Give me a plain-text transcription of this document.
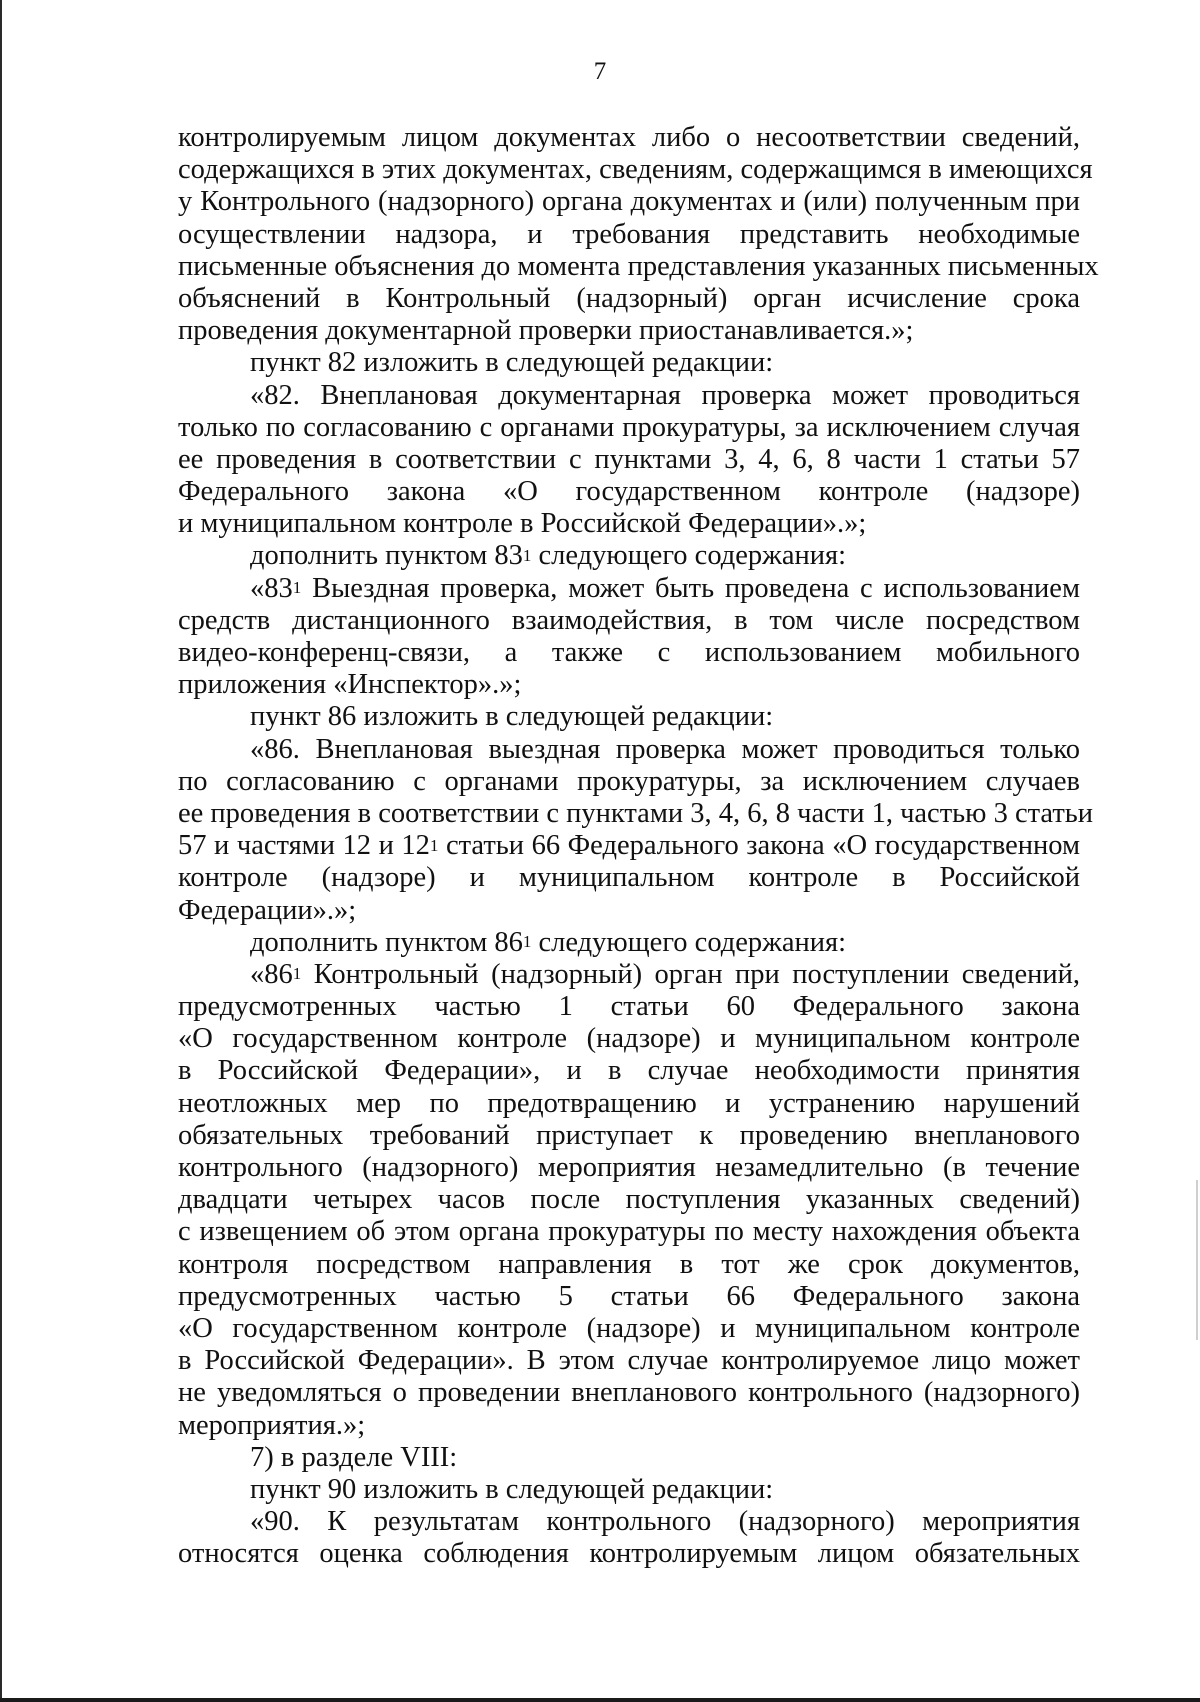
7
контролируемым лицом документах либо о несоответствии сведений,
содержащихся в этих документах, сведениям, содержащимся в имеющихся
у Контрольного (надзорного) органа документах и (или) полученным при
осуществлении надзора, и требования представить необходимые
письменные объяснения до момента представления указанных письменных
объяснений в Контрольный (надзорный) орган исчисление срока
проведения документарной проверки приостанавливается.»;
пункт 82 изложить в следующей редакции:
«82. Внеплановая документарная проверка может проводиться
только по согласованию с органами прокуратуры, за исключением случая
ее проведения в соответствии с пунктами 3, 4, 6, 8 части 1 статьи 57
Федерального закона «О государственном контроле (надзоре)
и муниципальном контроле в Российской Федерации».»;
дополнить пунктом $83^1$ следующего содержания:
«$83^1$ Выездная проверка, может быть проведена с использованием
средств дистанционного взаимодействия, в том числе посредством
видео-конференц-связи, а также с использованием мобильного
приложения «Инспектор».»;
пункт 86 изложить в следующей редакции:
«86. Внеплановая выездная проверка может проводиться только
по согласованию с органами прокуратуры, за исключением случаев
ее проведения в соответствии с пунктами 3, 4, 6, 8 части 1, частью 3 статьи
57 и частями 12 и $12^1$ статьи 66 Федерального закона «О государственном
контроле (надзоре) и муниципальном контроле в Российской
Федерации».»;
дополнить пунктом $86^1$ следующего содержания:
«$86^1$ Контрольный (надзорный) орган при поступлении сведений,
предусмотренных частью 1 статьи 60 Федерального закона
«О государственном контроле (надзоре) и муниципальном контроле
в Российской Федерации», и в случае необходимости принятия
неотложных мер по предотвращению и устранению нарушений
обязательных требований приступает к проведению внепланового
контрольного (надзорного) мероприятия незамедлительно (в течение
двадцати четырех часов после поступления указанных сведений)
с извещением об этом органа прокуратуры по месту нахождения объекта
контроля посредством направления в тот же срок документов,
предусмотренных частью 5 статьи 66 Федерального закона
«О государственном контроле (надзоре) и муниципальном контроле
в Российской Федерации». В этом случае контролируемое лицо может
не уведомляться о проведении внепланового контрольного (надзорного)
мероприятия.»;
7) в разделе VIII:
пункт 90 изложить в следующей редакции:
«90. К результатам контрольного (надзорного) мероприятия
относятся оценка соблюдения контролируемым лицом обязательных
